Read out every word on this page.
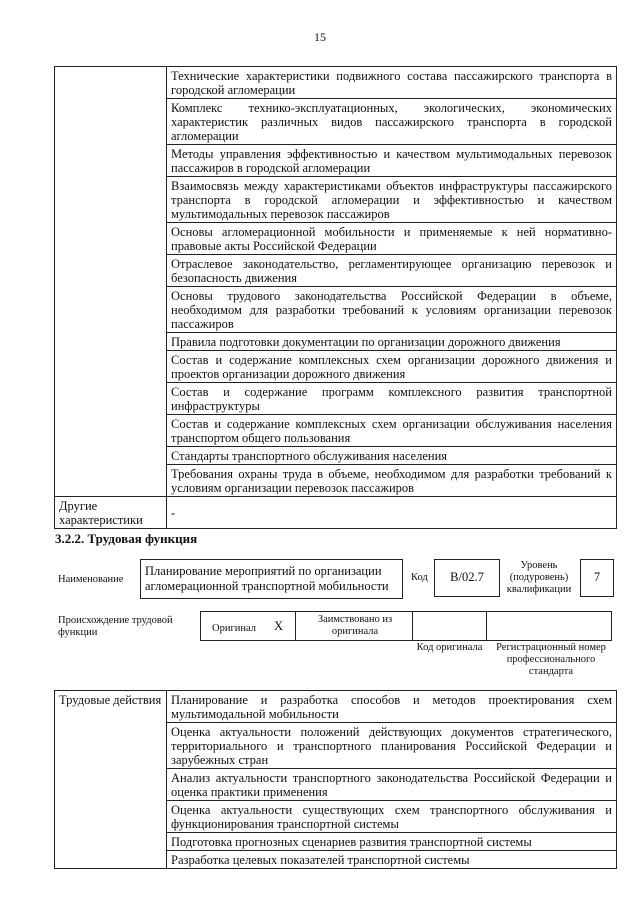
15
	Технические характеристики подвижного состава пассажирского транспорта в городской агломерации
	Комплекс технико-эксплуатационных, экологических, экономических характеристик различных видов пассажирского транспорта в городской агломерации
	Методы управления эффективностью и качеством мультимодальных перевозок пассажиров в городской агломерации
	Взаимосвязь между характеристиками объектов инфраструктуры пассажирского транспорта в городской агломерации и эффективностью и качеством мультимодальных перевозок пассажиров
	Основы агломерационной мобильности и применяемые к ней нормативно-правовые акты Российской Федерации
	Отраслевое законодательство, регламентирующее организацию перевозок и безопасность движения
	Основы трудового законодательства Российской Федерации в объеме, необходимом для разработки требований к условиям организации перевозок пассажиров
	Правила подготовки документации по организации дорожного движения
	Состав и содержание комплексных схем организации дорожного движения и проектов организации дорожного движения
	Состав и содержание программ комплексного развития транспортной инфраструктуры
	Состав и содержание комплексных схем организации обслуживания населения транспортом общего пользования
	Стандарты транспортного обслуживания населения
	Требования охраны труда в объеме, необходимом для разработки требований к условиям организации перевозок пассажиров
Другие характеристики	-
3.2.2. Трудовая функция
Наименование
Планирование мероприятий по организации агломерационной транспортной мобильности
Код	B/02.7
Уровень (подуровень) квалификации
7
Происхождение трудовой функции	Оригинал X	Заимствовано из оригинала
Код оригинала	Регистрационный номер профессионального стандарта
Трудовые действия	Планирование и разработка способов и методов проектирования схем мультимодальной мобильности
Оценка актуальности положений действующих документов стратегического, территориального и транспортного планирования Российской Федерации и зарубежных стран
Анализ актуальности транспортного законодательства Российской Федерации и оценка практики применения
Оценка актуальности существующих схем транспортного обслуживания и функционирования транспортной системы
Подготовка прогнозных сценариев развития транспортной системы
Разработка целевых показателей транспортной системы
